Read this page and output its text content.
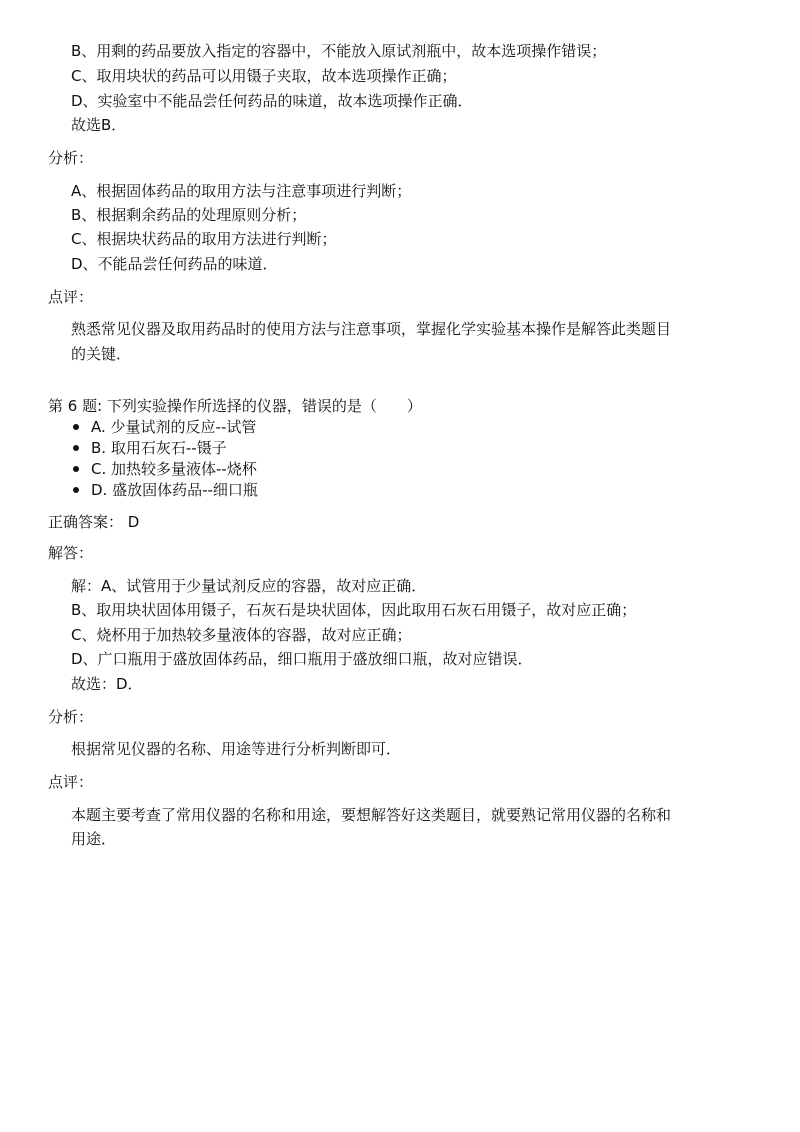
B、用剩的药品要放入指定的容器中，不能放入原试剂瓶中，故本选项操作错误；
C、取用块状的药品可以用镊子夹取，故本选项操作正确；
D、实验室中不能品尝任何药品的味道，故本选项操作正确．
故选B．
分析：
A、根据固体药品的取用方法与注意事项进行判断；
B、根据剩余药品的处理原则分析；
C、根据块状药品的取用方法进行判断；
D、不能品尝任何药品的味道．
点评：
熟悉常见仪器及取用药品时的使用方法与注意事项，掌握化学实验基本操作是解答此类题目
的关键．
第 6 题: 下列实验操作所选择的仪器，错误的是（　　）
A. 少量试剂的反应--试管
B. 取用石灰石--镊子
C. 加热较多量液体--烧杯
D. 盛放固体药品--细口瓶
正确答案： D
解答：
解：A、试管用于少量试剂反应的容器，故对应正确．
B、取用块状固体用镊子，石灰石是块状固体，因此取用石灰石用镊子，故对应正确；
C、烧杯用于加热较多量液体的容器，故对应正确；
D、广口瓶用于盛放固体药品，细口瓶用于盛放细口瓶，故对应错误．
故选：D．
分析：
根据常见仪器的名称、用途等进行分析判断即可．
点评：
本题主要考查了常用仪器的名称和用途，要想解答好这类题目，就要熟记常用仪器的名称和
用途．
